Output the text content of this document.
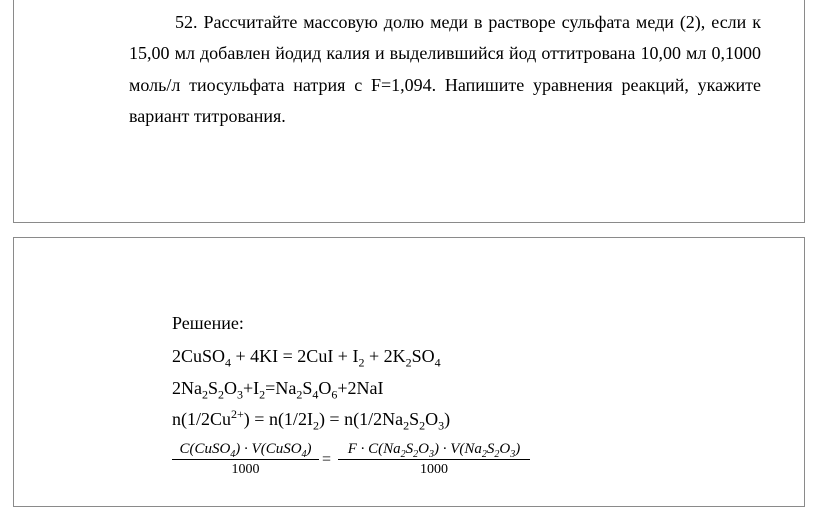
52. Рассчитайте массовую долю меди в растворе сульфата меди (2), если к 15,00 мл добавлен йодид калия и выделившийся йод оттитрована 10,00 мл 0,1000 моль/л тиосульфата натрия с F=1,094. Напишите уравнения реакций, укажите вариант титрования.
Решение:
2CuSO$_4$ + $4KI = 2CuI + I_2 + 2K_2SO_4$
$2Na_2S_2O_3+I_2=Na_2S_4O_6+2NaI$
$n(1/2Cu^{2+}) = n(1/2I_2) = n(1/2Na_2S_2O_3)$
C(CuSO$_4$) · V(CuSO$_4$)
1000
= $\frac{F \cdot C(Na_2S_2O_3) \cdot V(Na_2S_2O_3)}{1000}$
